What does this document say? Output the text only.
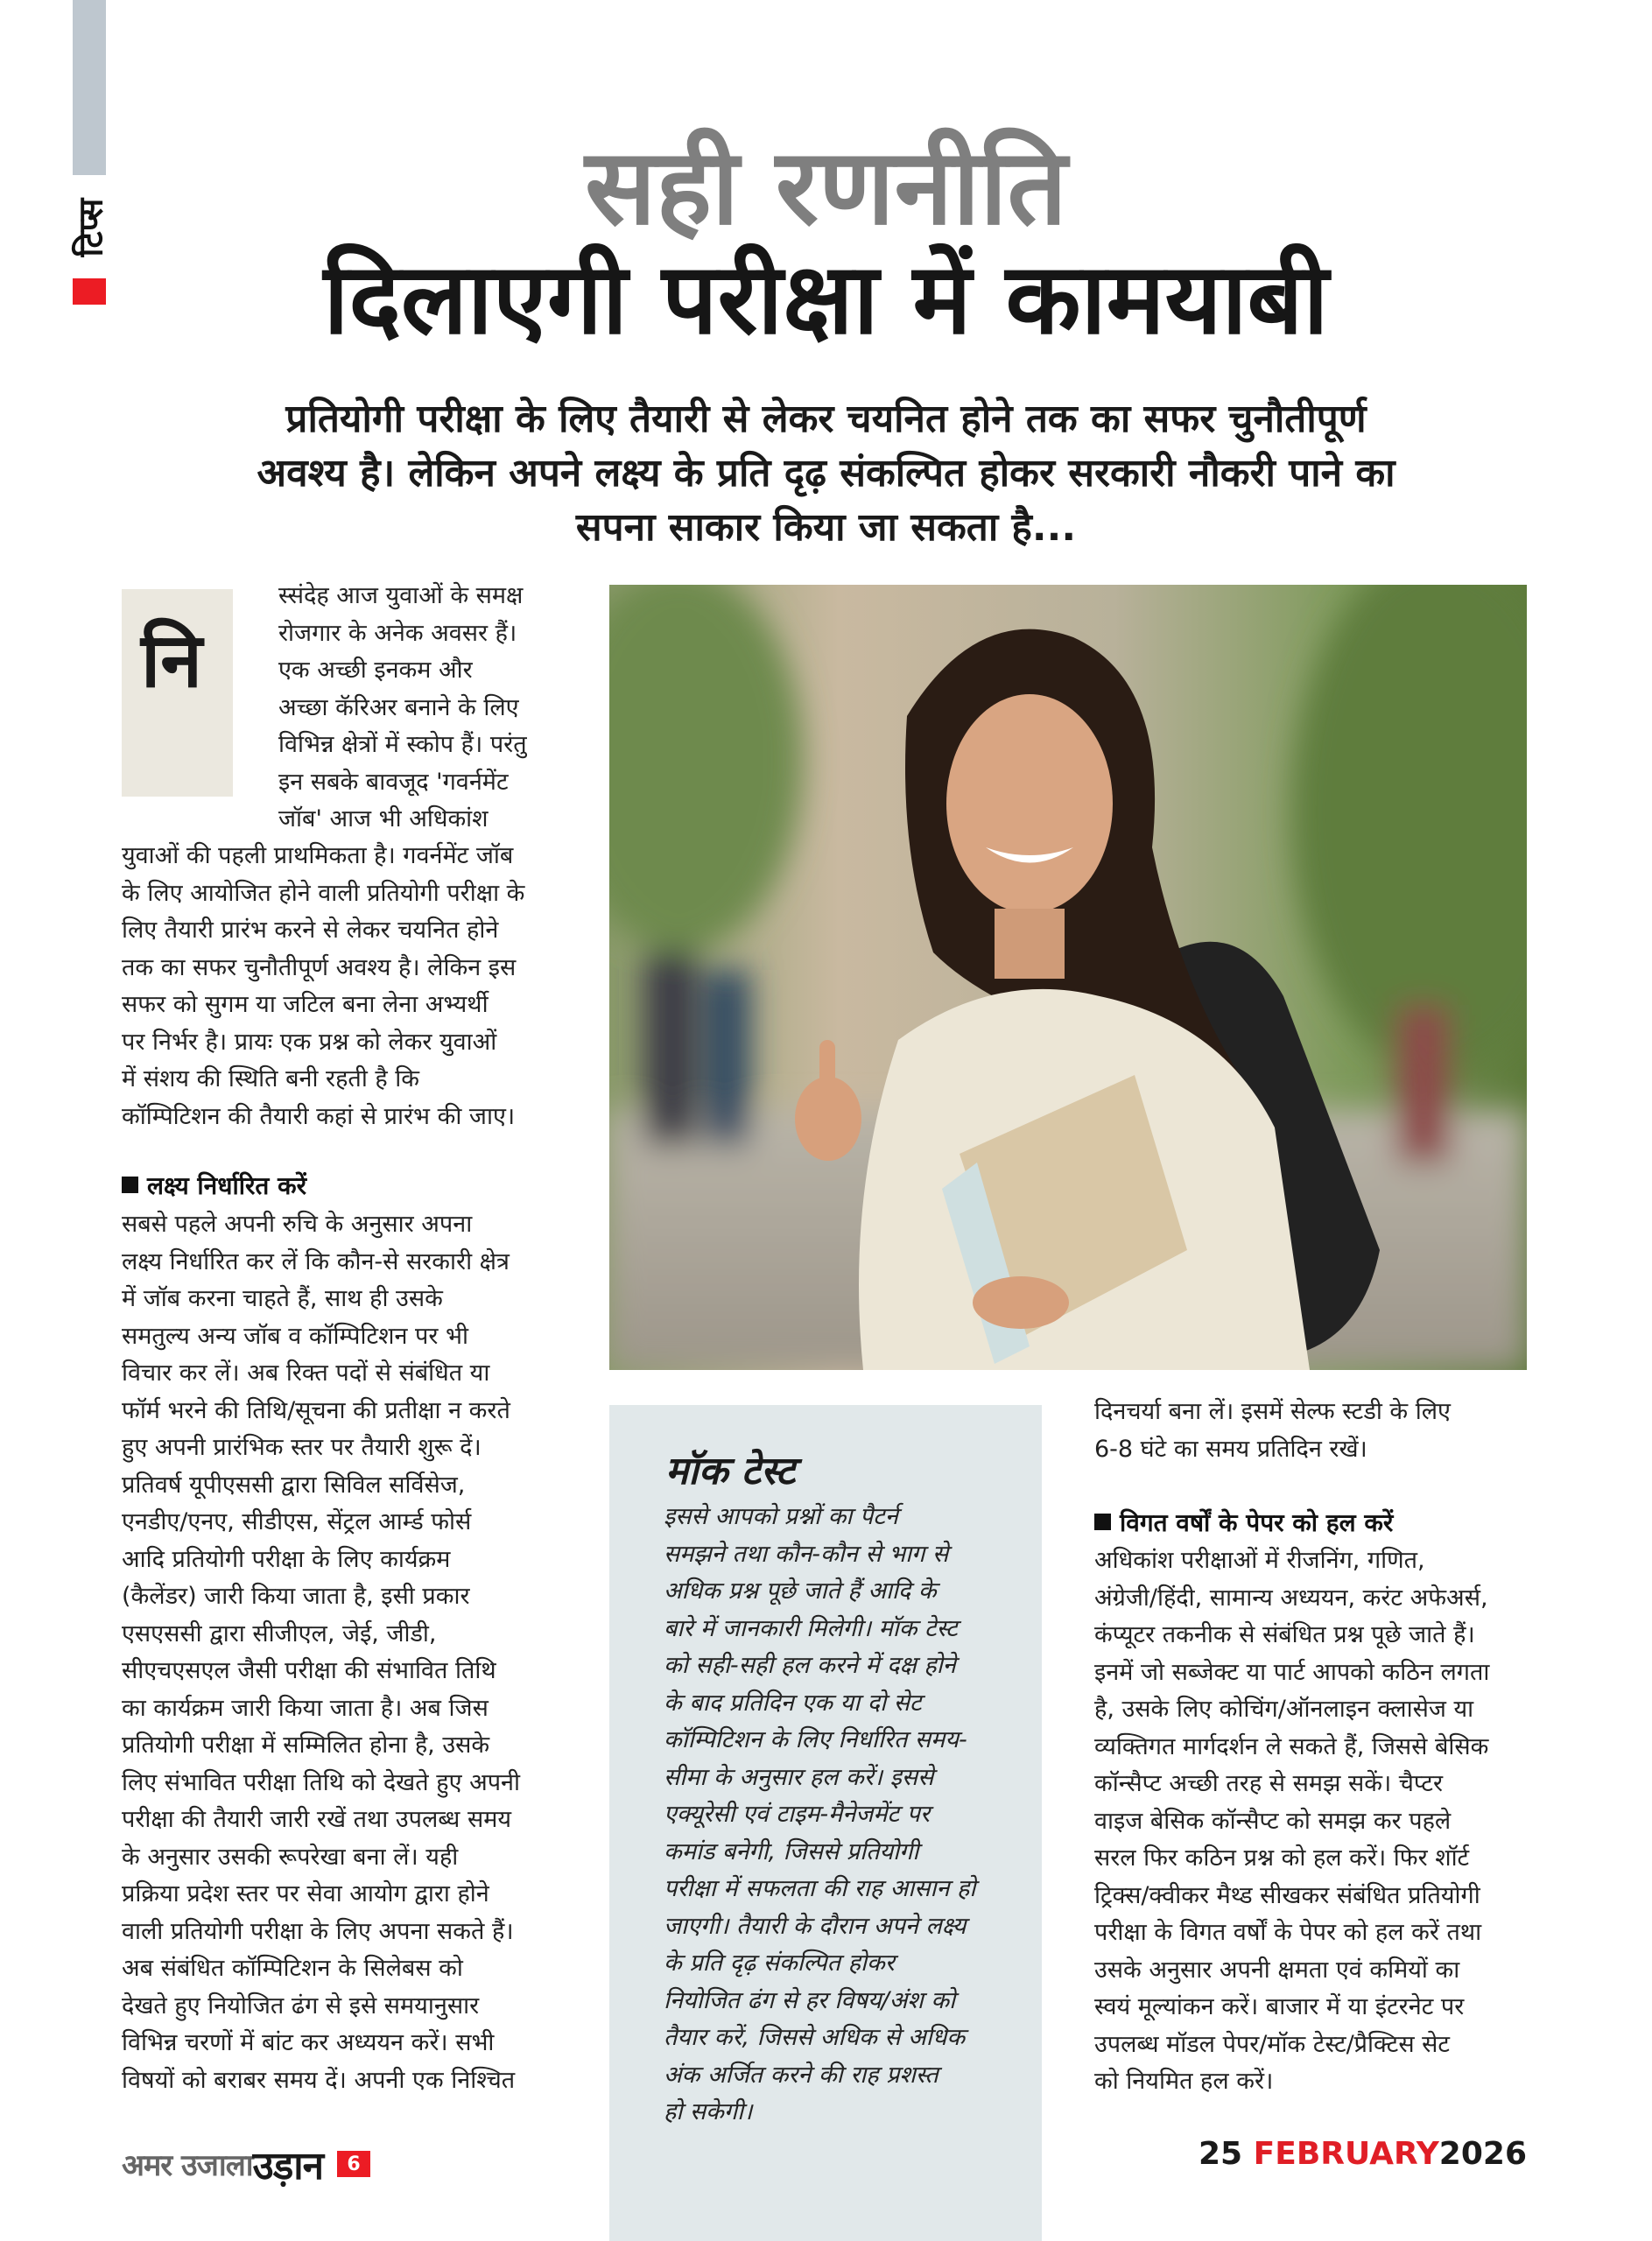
टिप्स	सही रणनीति
दिलाएगी परीक्षा में कामयाबी
प्रतियोगी परीक्षा के लिए तैयारी से लेकर चयनित होने तक का सफर चुनौतीपूर्ण
अवश्य है। लेकिन अपने लक्ष्य के प्रति दृढ़ संकल्पित होकर सरकारी नौकरी पाने का
सपना साकार किया जा सकता है...
नि
स्संदेह आज युवाओं के समक्ष
रोजगार के अनेक अवसर हैं।
एक अच्छी इनकम और
अच्छा कॅरिअर बनाने के लिए
विभिन्न क्षेत्रों में स्कोप हैं। परंतु
इन सबके बावजूद 'गवर्नमेंट
जॉब' आज भी अधिकांश
युवाओं की पहली प्राथमिकता है। गवर्नमेंट जॉब
के लिए आयोजित होने वाली प्रतियोगी परीक्षा के
लिए तैयारी प्रारंभ करने से लेकर चयनित होने
तक का सफर चुनौतीपूर्ण अवश्य है। लेकिन इस
सफर को सुगम या जटिल बना लेना अभ्यर्थी
पर निर्भर है। प्रायः एक प्रश्न को लेकर युवाओं
में संशय की स्थिति बनी रहती है कि
कॉम्पिटिशन की तैयारी कहां से प्रारंभ की जाए।
लक्ष्य निर्धारित करें
सबसे पहले अपनी रुचि के अनुसार अपना
लक्ष्य निर्धारित कर लें कि कौन-से सरकारी क्षेत्र
में जॉब करना चाहते हैं, साथ ही उसके
समतुल्य अन्य जॉब व कॉम्पिटिशन पर भी
विचार कर लें। अब रिक्त पदों से संबंधित या
फॉर्म भरने की तिथि/सूचना की प्रतीक्षा न करते
हुए अपनी प्रारंभिक स्तर पर तैयारी शुरू दें।
प्रतिवर्ष यूपीएससी द्वारा सिविल सर्विसेज,
एनडीए/एनए, सीडीएस, सेंट्रल आर्म्ड फोर्स
आदि प्रतियोगी परीक्षा के लिए कार्यक्रम
(कैलेंडर) जारी किया जाता है, इसी प्रकार
एसएससी द्वारा सीजीएल, जेई, जीडी,
सीएचएसएल जैसी परीक्षा की संभावित तिथि
का कार्यक्रम जारी किया जाता है। अब जिस
प्रतियोगी परीक्षा में सम्मिलित होना है, उसके
लिए संभावित परीक्षा तिथि को देखते हुए अपनी
परीक्षा की तैयारी जारी रखें तथा उपलब्ध समय
के अनुसार उसकी रूपरेखा बना लें। यही
प्रक्रिया प्रदेश स्तर पर सेवा आयोग द्वारा होने
वाली प्रतियोगी परीक्षा के लिए अपना सकते हैं।
अब संबंधित कॉम्पिटिशन के सिलेबस को
देखते हुए नियोजित ढंग से इसे समयानुसार
विभिन्न चरणों में बांट कर अध्ययन करें। सभी
विषयों को बराबर समय दें। अपनी एक निश्चित
मॉक टेस्ट
इससे आपको प्रश्नों का पैटर्न
समझने तथा कौन-कौन से भाग से
अधिक प्रश्न पूछे जाते हैं आदि के
बारे में जानकारी मिलेगी। मॉक टेस्ट
को सही-सही हल करने में दक्ष होने
के बाद प्रतिदिन एक या दो सेट
कॉम्पिटिशन के लिए निर्धारित समय-
सीमा के अनुसार हल करें। इससे
एक्यूरेसी एवं टाइम-मैनेजमेंट पर
कमांड बनेगी, जिससे प्रतियोगी
परीक्षा में सफलता की राह आसान हो
जाएगी। तैयारी के दौरान अपने लक्ष्य
के प्रति दृढ़ संकल्पित होकर
नियोजित ढंग से हर विषय/अंश को
तैयार करें, जिससे अधिक से अधिक
अंक अर्जित करने की राह प्रशस्त
हो सकेगी।
दिनचर्या बना लें। इसमें सेल्फ स्टडी के लिए
6-8 घंटे का समय प्रतिदिन रखें।
विगत वर्षों के पेपर को हल करें
अधिकांश परीक्षाओं में रीजनिंग, गणित,
अंग्रेजी/हिंदी, सामान्य अध्ययन, करंट अफेअर्स,
कंप्यूटर तकनीक से संबंधित प्रश्न पूछे जाते हैं।
इनमें जो सब्जेक्ट या पार्ट आपको कठिन लगता
है, उसके लिए कोचिंग/ऑनलाइन क्लासेज या
व्यक्तिगत मार्गदर्शन ले सकते हैं, जिससे बेसिक
कॉन्सैप्ट अच्छी तरह से समझ सकें। चैप्टर
वाइज बेसिक कॉन्सैप्ट को समझ कर पहले
सरल फिर कठिन प्रश्न को हल करें। फिर शॉर्ट
ट्रिक्स/क्वीकर मैथ्ड सीखकर संबंधित प्रतियोगी
परीक्षा के विगत वर्षों के पेपर को हल करें तथा
उसके अनुसार अपनी क्षमता एवं कमियों का
स्वयं मूल्यांकन करें। बाजार में या इंटरनेट पर
उपलब्ध मॉडल पेपर/मॉक टेस्ट/प्रैक्टिस सेट
को नियमित हल करें।
अमर उजाला उड़ान	6	25 FEBRUARY2026
